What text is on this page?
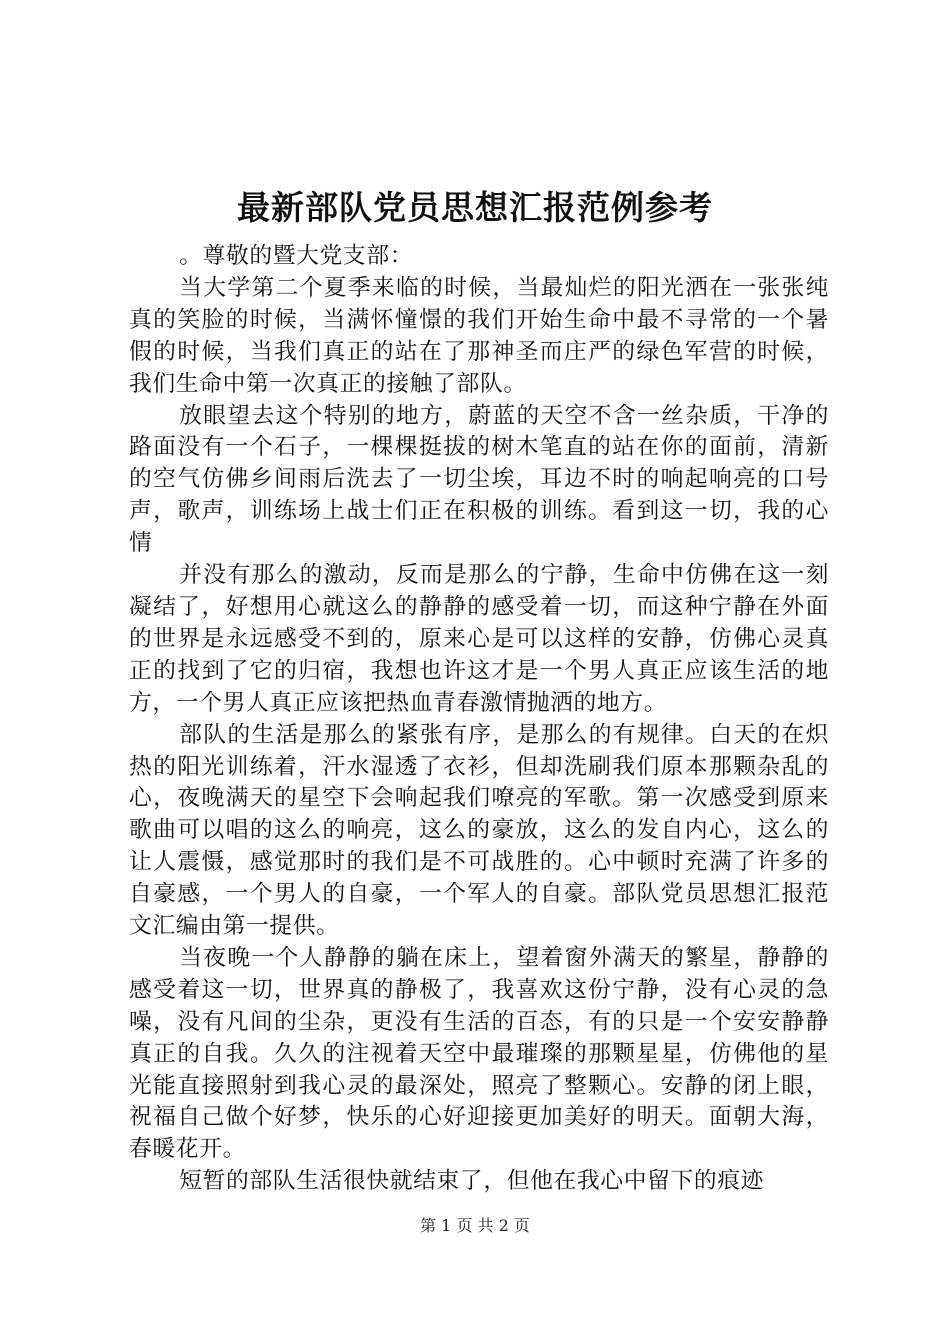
最新部队党员思想汇报范例参考

。尊敬的暨大党支部：

当大学第二个夏季来临的时候，当最灿烂的阳光洒在一张张纯真的笑脸的时候，当满怀憧憬的我们开始生命中最不寻常的一个暑假的时候，当我们真正的站在了那神圣而庄严的绿色军营的时候，我们生命中第一次真正的接触了部队。

放眼望去这个特别的地方，蔚蓝的天空不含一丝杂质，干净的路面没有一个石子，一棵棵挺拔的树木笔直的站在你的面前，清新的空气仿佛乡间雨后洗去了一切尘埃，耳边不时的响起响亮的口号声，歌声，训练场上战士们正在积极的训练。看到这一切，我的心情

并没有那么的激动，反而是那么的宁静，生命中仿佛在这一刻凝结了，好想用心就这么的静静的感受着一切，而这种宁静在外面的世界是永远感受不到的，原来心是可以这样的安静，仿佛心灵真正的找到了它的归宿，我想也许这才是一个男人真正应该生活的地方，一个男人真正应该把热血青春激情抛洒的地方。

部队的生活是那么的紧张有序，是那么的有规律。白天的在炽热的阳光训练着，汗水湿透了衣衫，但却洗刷我们原本那颗杂乱的心，夜晚满天的星空下会响起我们嘹亮的军歌。第一次感受到原来歌曲可以唱的这么的响亮，这么的豪放，这么的发自内心，这么的让人震慑，感觉那时的我们是不可战胜的。心中顿时充满了许多的自豪感，一个男人的自豪，一个军人的自豪。部队党员思想汇报范文汇编由第一提供。

当夜晚一个人静静的躺在床上，望着窗外满天的繁星，静静的感受着这一切，世界真的静极了，我喜欢这份宁静，没有心灵的急噪，没有凡间的尘杂，更没有生活的百态，有的只是一个安安静静真正的自我。久久的注视着天空中最璀璨的那颗星星，仿佛他的星光能直接照射到我心灵的最深处，照亮了整颗心。安静的闭上眼，祝福自己做个好梦，快乐的心好迎接更加美好的明天。面朝大海，春暖花开。

短暂的部队生活很快就结束了，但他在我心中留下的痕迹

第 1 页 共 2 页
